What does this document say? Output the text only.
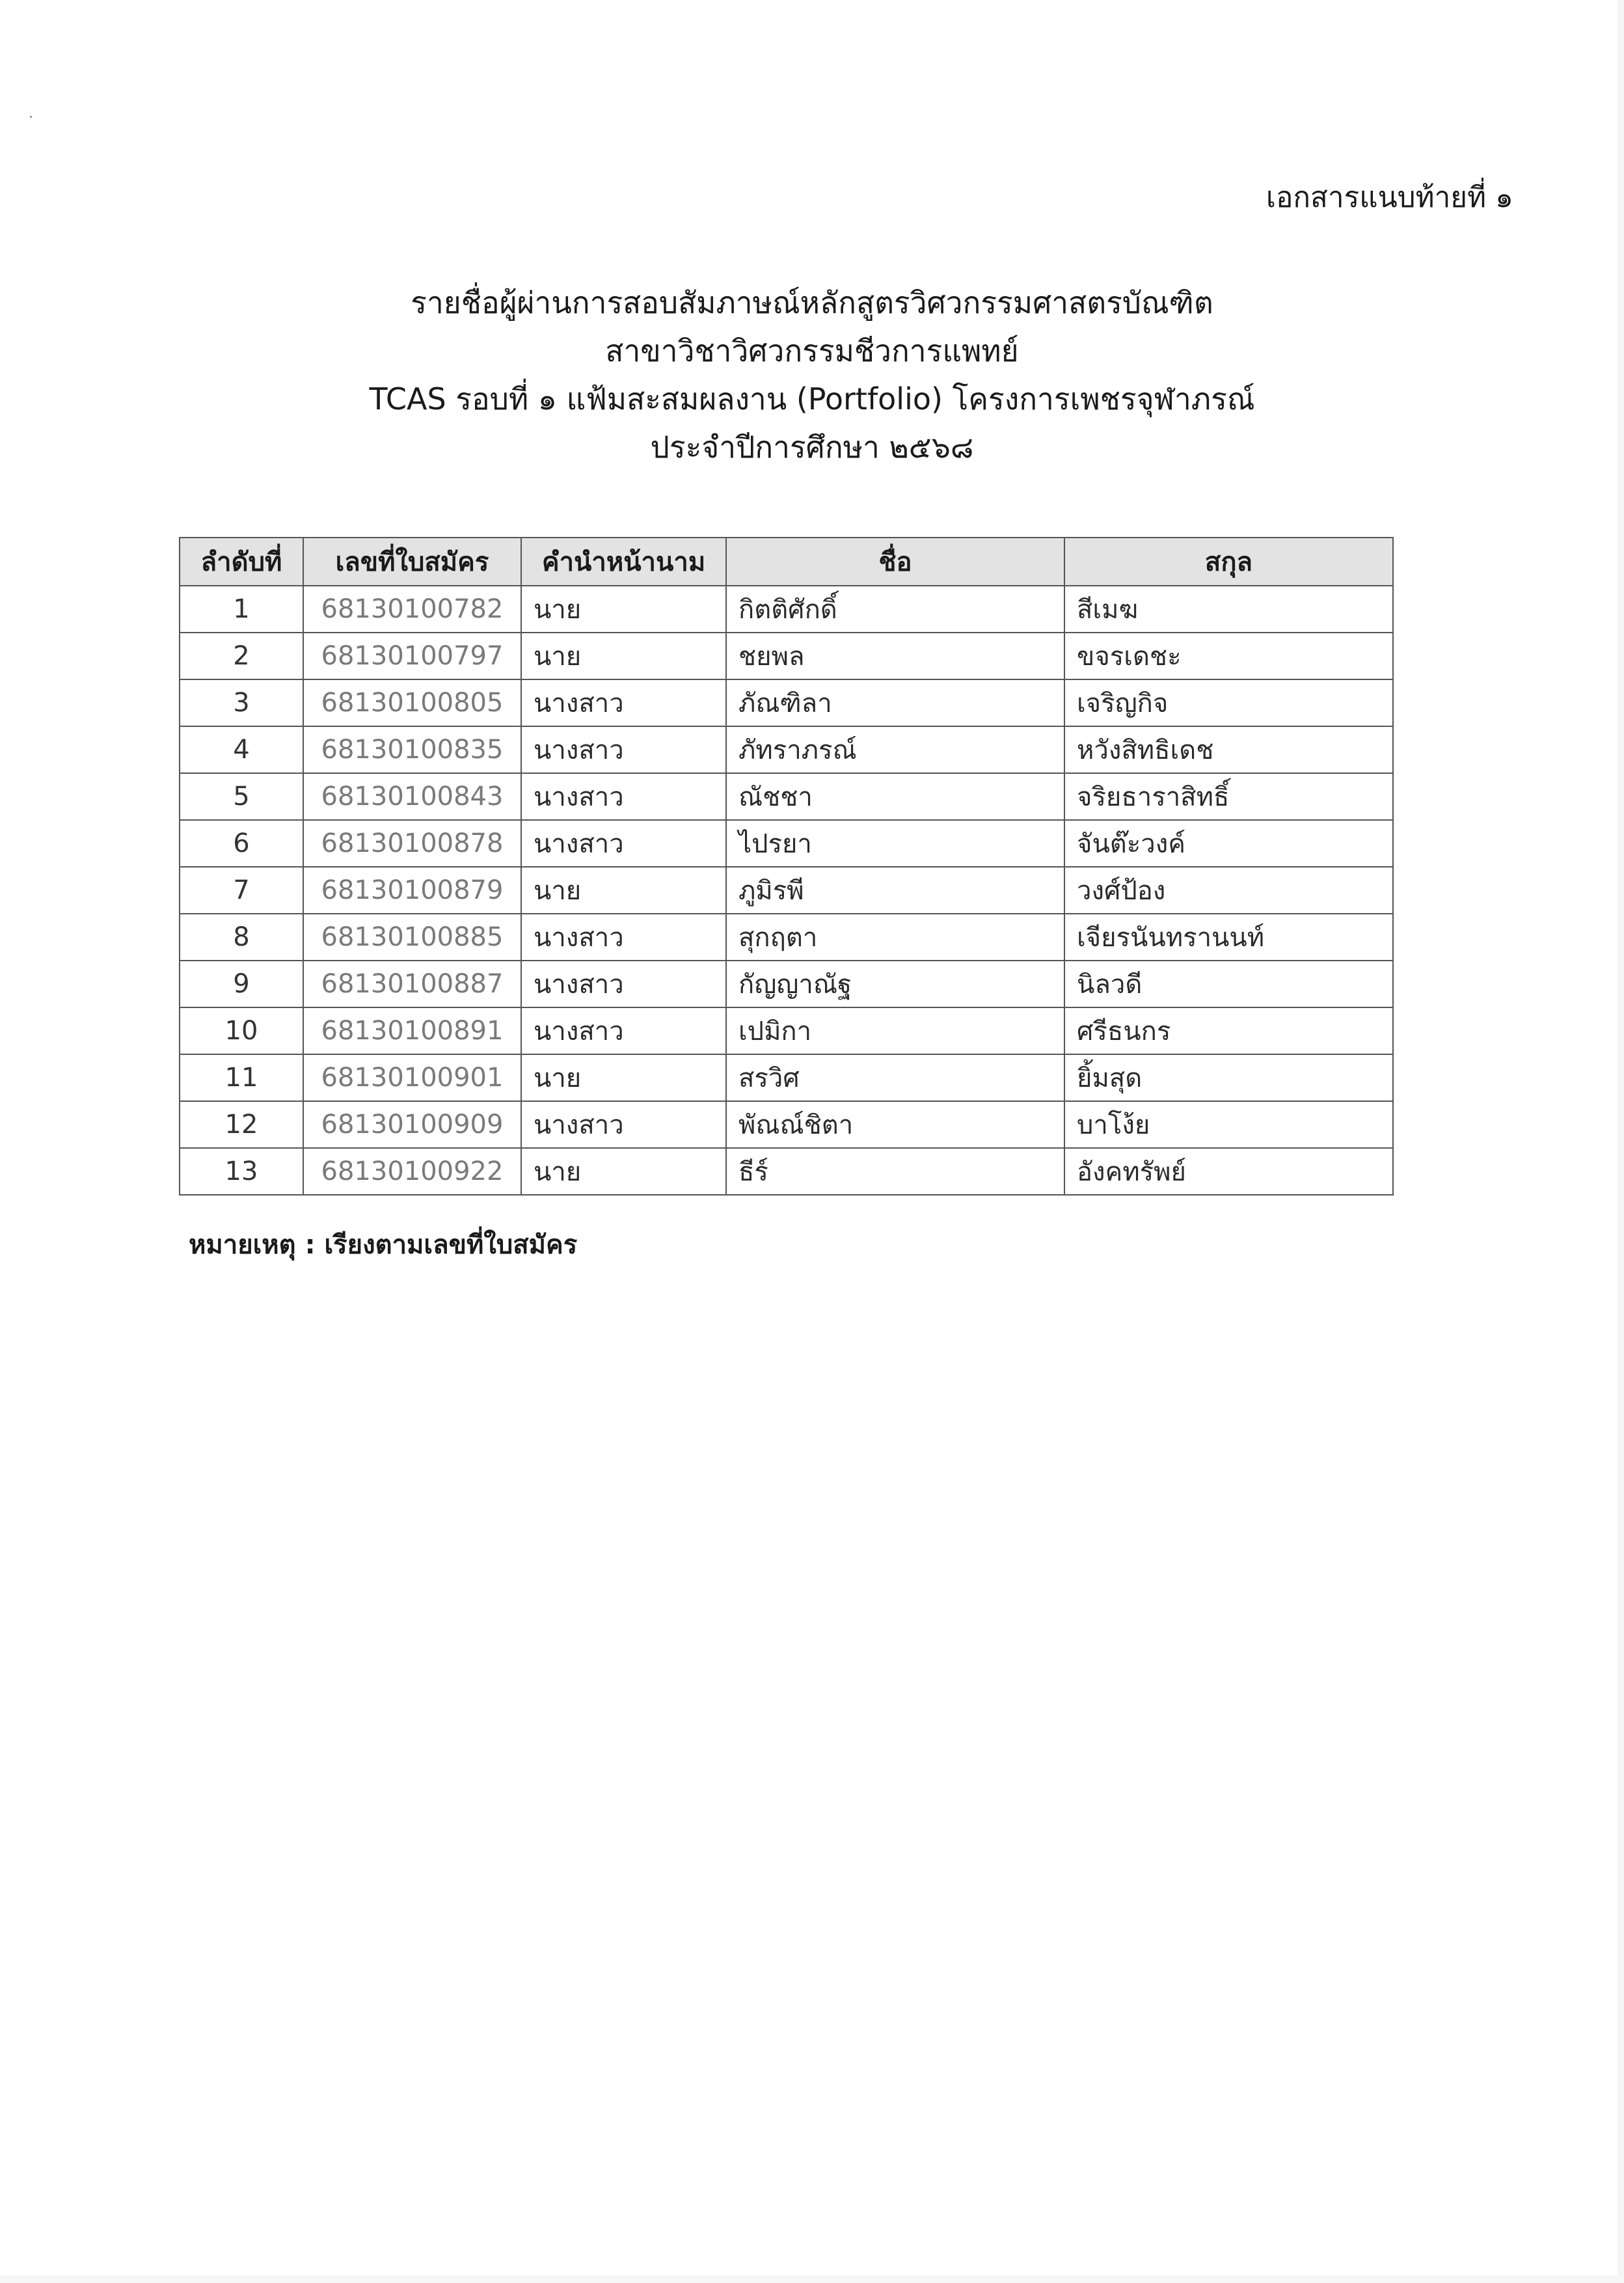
เอกสารแนบท้ายที่ ๑
รายชื่อผู้ผ่านการสอบสัมภาษณ์หลักสูตรวิศวกรรมศาสตรบัณฑิต
สาขาวิชาวิศวกรรมชีวการแพทย์
TCAS รอบที่ ๑ แฟ้มสะสมผลงาน (Portfolio) โครงการเพชรจุฬาภรณ์
ประจำปีการศึกษา ๒๕๖๘
ลำดับที่	เลขที่ใบสมัคร	คำนำหน้านาม	ชื่อ	สกุล
1	68130100782	นาย	กิตติศักดิ์	สีเมฆ
2	68130100797	นาย	ชยพล	ขจรเดชะ
3	68130100805	นางสาว	ภัณฑิลา	เจริญกิจ
4	68130100835	นางสาว	ภัทราภรณ์	หวังสิทธิเดช
5	68130100843	นางสาว	ณัชชา	จริยธาราสิทธิ์
6	68130100878	นางสาว	ไปรยา	จันต๊ะวงค์
7	68130100879	นาย	ภูมิรพี	วงศ์ป้อง
8	68130100885	นางสาว	สุกฤตา	เจียรนันทรานนท์
9	68130100887	นางสาว	กัญญาณัฐ	นิลวดี
10	68130100891	นางสาว	เปมิกา	ศรีธนกร
11	68130100901	นาย	สรวิศ	ยิ้มสุด
12	68130100909	นางสาว	พัณณ์ชิตา	บาโง้ย
13	68130100922	นาย	ธีร์	อังคทรัพย์
หมายเหตุ : เรียงตามเลขที่ใบสมัคร
